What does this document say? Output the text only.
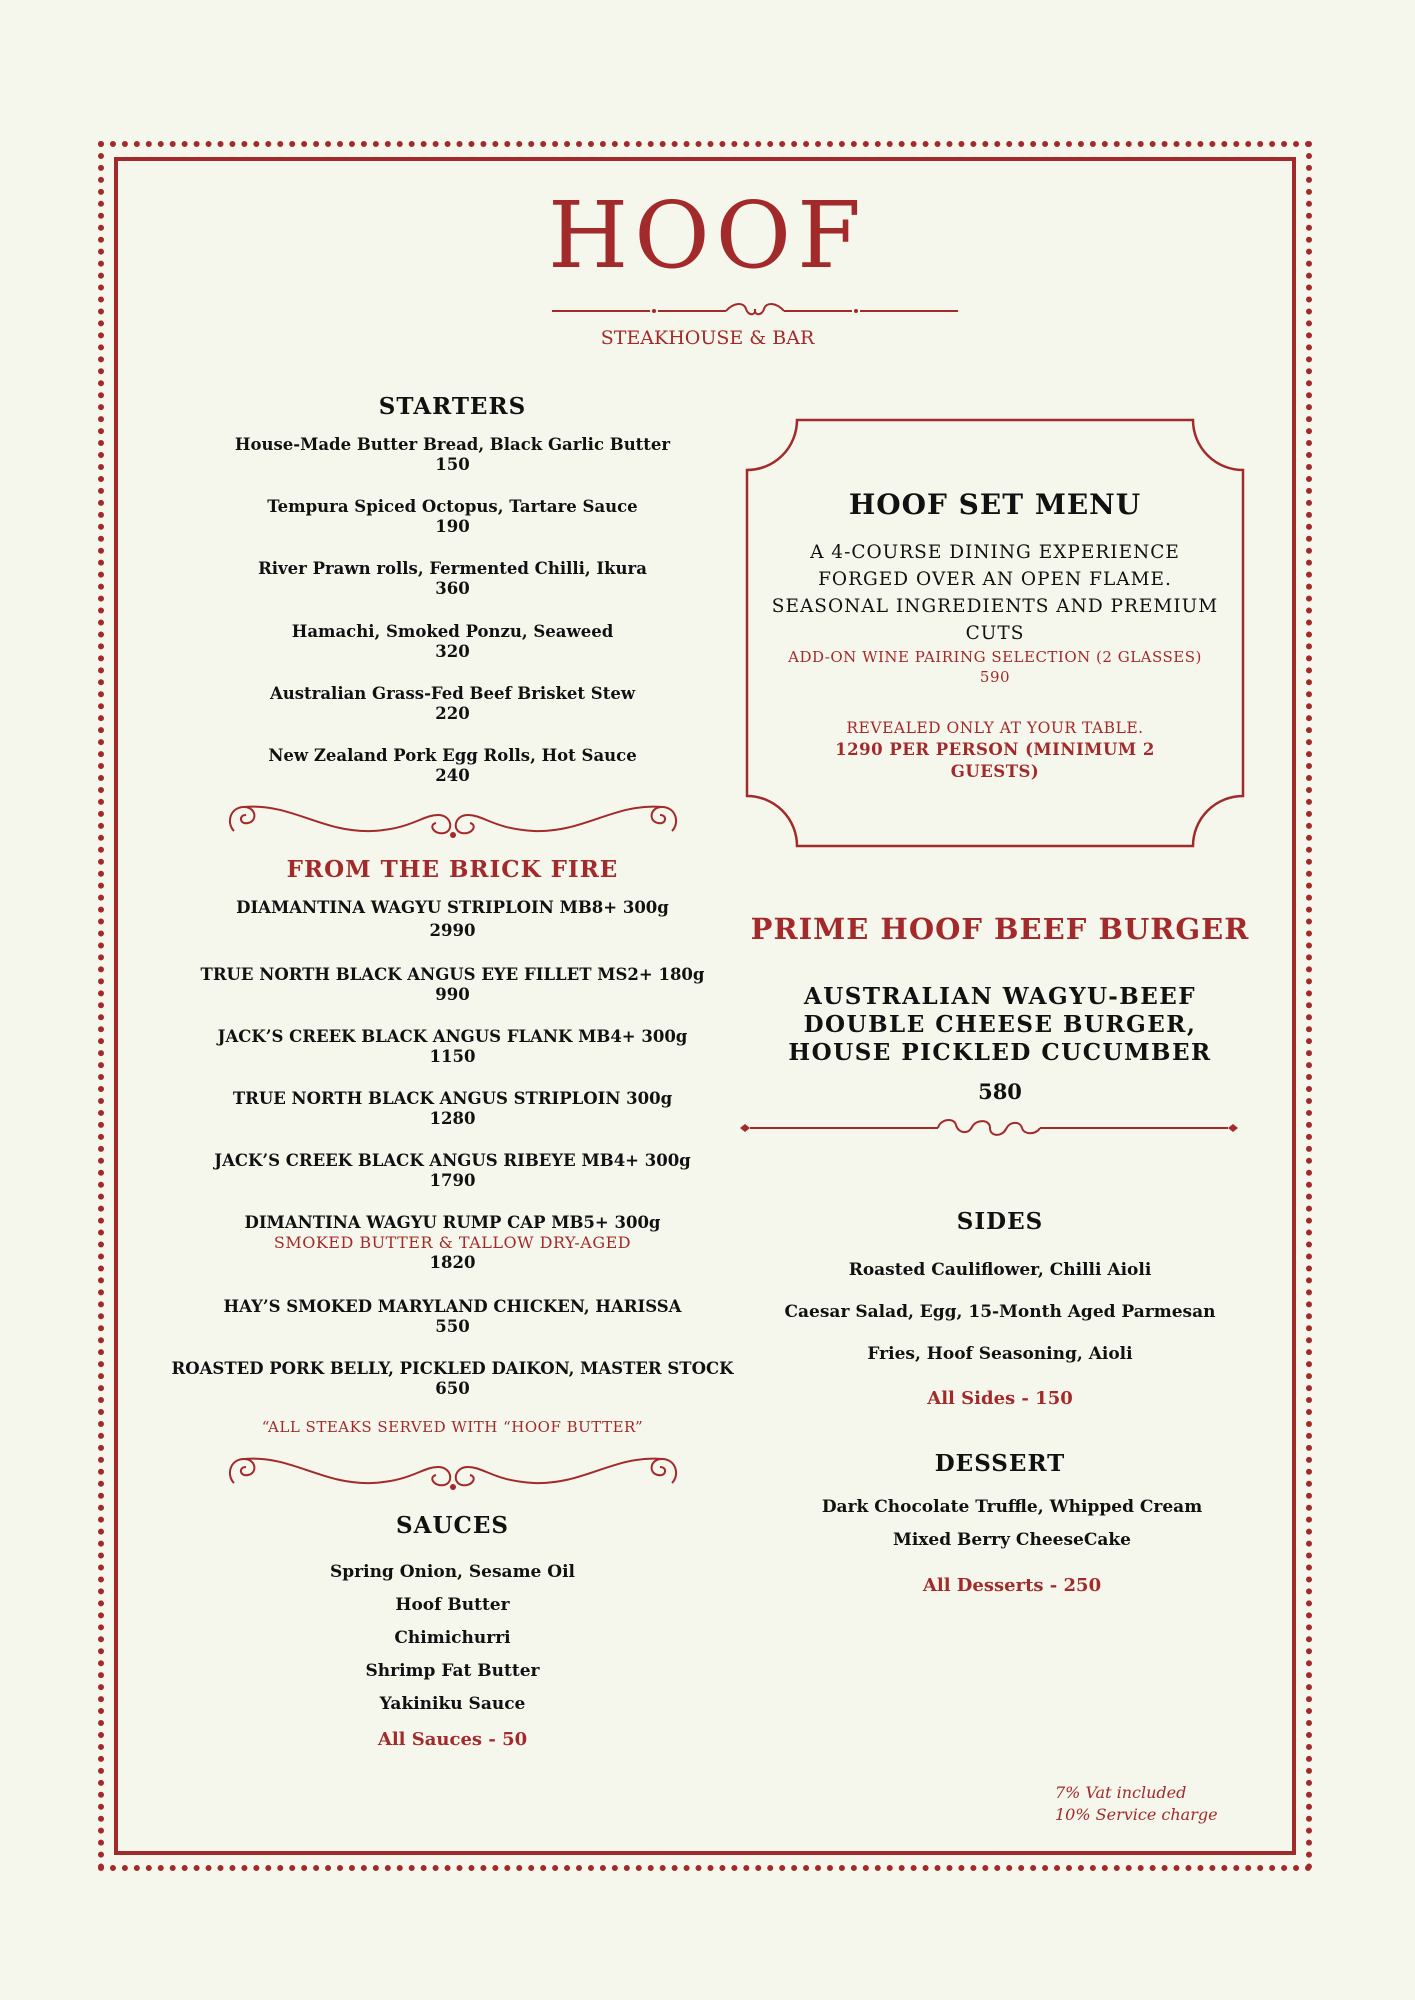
HOOF
STEAKHOUSE & BAR
STARTERS
House-Made Butter Bread, Black Garlic Butter
150
Tempura Spiced Octopus, Tartare Sauce
190
River Prawn rolls, Fermented Chilli, Ikura
360
Hamachi, Smoked Ponzu, Seaweed
320
Australian Grass-Fed Beef Brisket Stew
220
New Zealand Pork Egg Rolls, Hot Sauce
240
FROM THE BRICK FIRE
DIAMANTINA WAGYU STRIPLOIN MB8+ 300g
2990
TRUE NORTH BLACK ANGUS EYE FILLET MS2+ 180g
990
JACK’S CREEK BLACK ANGUS FLANK MB4+ 300g
1150
TRUE NORTH BLACK ANGUS STRIPLOIN 300g
1280
JACK’S CREEK BLACK ANGUS RIBEYE MB4+ 300g
1790
DIMANTINA WAGYU RUMP CAP MB5+ 300g
SMOKED BUTTER & TALLOW DRY-AGED
1820
HAY’S SMOKED MARYLAND CHICKEN, HARISSA
550
ROASTED PORK BELLY, PICKLED DAIKON, MASTER STOCK
650
“ALL STEAKS SERVED WITH “HOOF BUTTER”
SAUCES
Spring Onion, Sesame Oil
Hoof Butter
Chimichurri
Shrimp Fat Butter
Yakiniku Sauce
All Sauces - 50
HOOF SET MENU
A 4-COURSE DINING EXPERIENCE FORGED OVER AN OPEN FLAME. SEASONAL INGREDIENTS AND PREMIUM CUTS
ADD-ON WINE PAIRING SELECTION (2 GLASSES)
590
REVEALED ONLY AT YOUR TABLE.
1290 PER PERSON (MINIMUM 2 GUESTS)
PRIME HOOF BEEF BURGER
AUSTRALIAN WAGYU-BEEF
DOUBLE CHEESE BURGER,
HOUSE PICKLED CUCUMBER
580
SIDES
Roasted Cauliflower, Chilli Aioli
Caesar Salad, Egg, 15-Month Aged Parmesan
Fries, Hoof Seasoning, Aioli
All Sides - 150
DESSERT
Dark Chocolate Truffle, Whipped Cream
Mixed Berry CheeseCake
All Desserts - 250
7% Vat included
10% Service charge
